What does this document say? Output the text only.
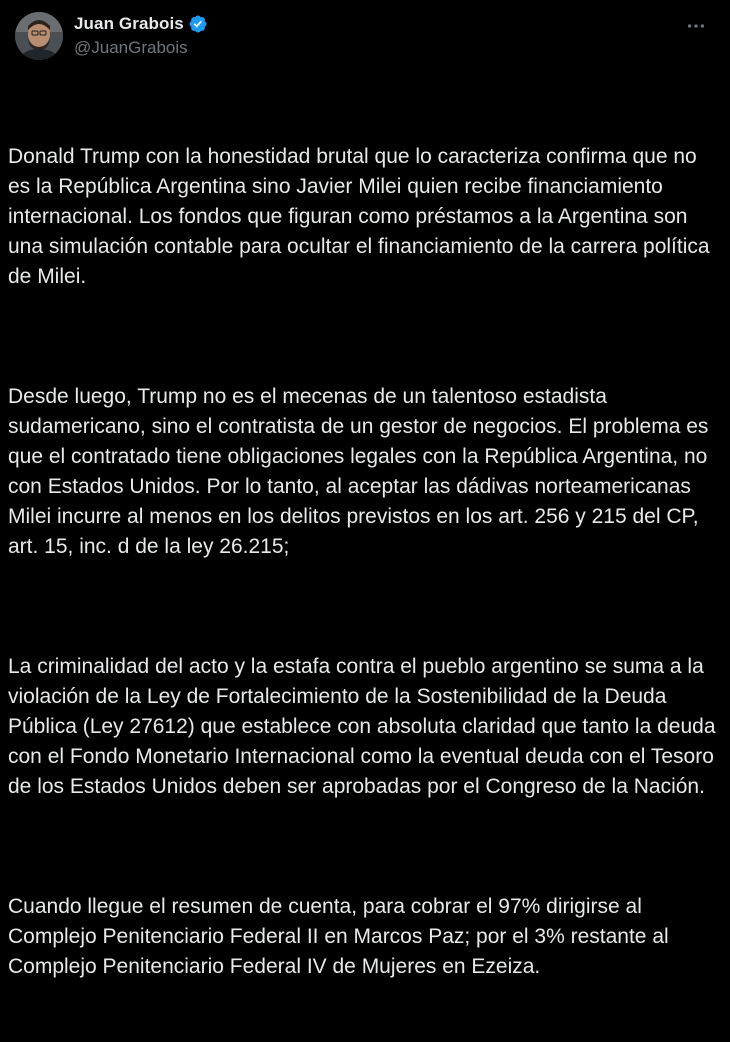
Juan Grabois
@JuanGrabois

Donald Trump con la honestidad brutal que lo caracteriza confirma que no es la República Argentina sino Javier Milei quien recibe financiamiento internacional. Los fondos que figuran como préstamos a la Argentina son una simulación contable para ocultar el financiamiento de la carrera política de Milei.

Desde luego, Trump no es el mecenas de un talentoso estadista sudamericano, sino el contratista de un gestor de negocios. El problema es que el contratado tiene obligaciones legales con la República Argentina, no con Estados Unidos. Por lo tanto, al aceptar las dádivas norteamericanas Milei incurre al menos en los delitos previstos en los art. 256 y 215 del CP, art. 15, inc. d de la ley 26.215;

La criminalidad del acto y la estafa contra el pueblo argentino se suma a la violación de la Ley de Fortalecimiento de la Sostenibilidad de la Deuda Pública (Ley 27612) que establece con absoluta claridad que tanto la deuda con el Fondo Monetario Internacional como la eventual deuda con el Tesoro de los Estados Unidos deben ser aprobadas por el Congreso de la Nación.

Cuando llegue el resumen de cuenta, para cobrar el 97% dirigirse al Complejo Penitenciario Federal II en Marcos Paz; por el 3% restante al Complejo Penitenciario Federal IV de Mujeres en Ezeiza.
